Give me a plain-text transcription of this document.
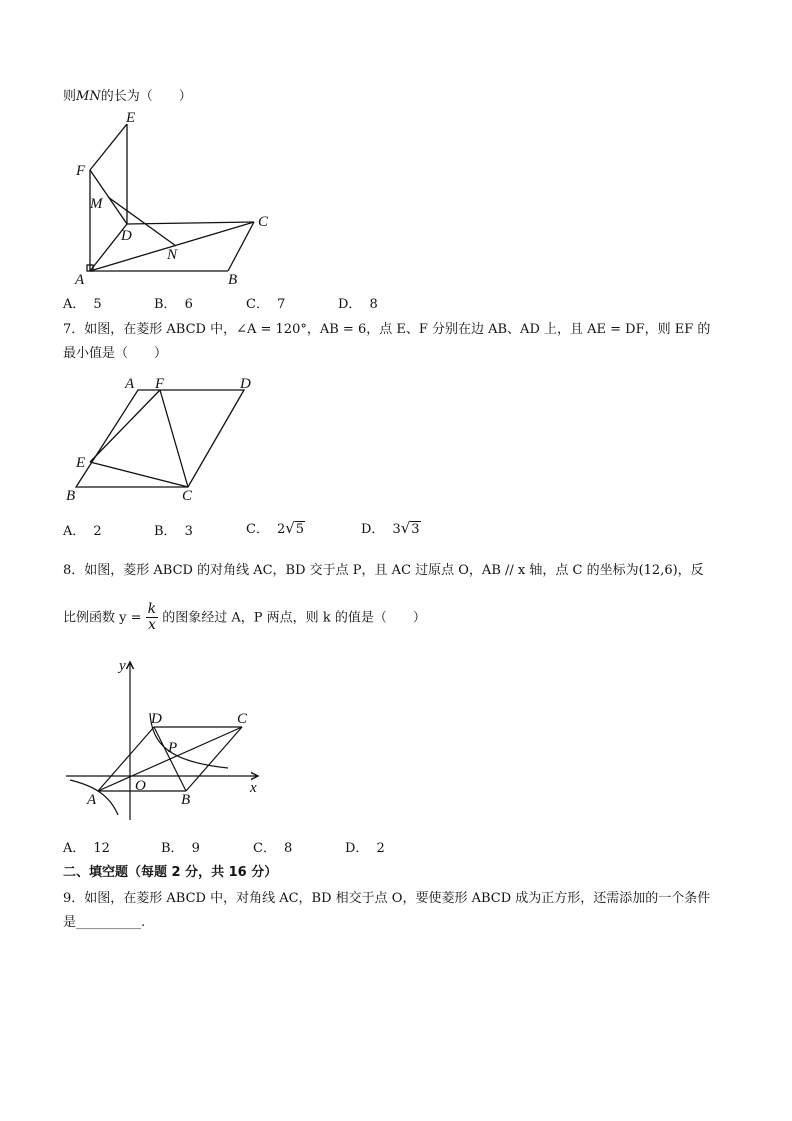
则MN的长为（　　）
E
F
M
D
C
N
A	B
A． 5	B． 6	C． 7	D． 8
7．如图，在菱形 ABCD 中，∠A = 120°，AB = 6，点 E、F 分别在边 AB、AD 上，且 AE = DF，则 EF 的
最小值是（　　）
A F	D
E
B	C
A． 2	B． 3	C． 2√5	D． 3√3
8．如图，菱形 ABCD 的对角线 AC，BD 交于点 P，且 AC 过原点 O，AB // x 轴，点 C 的坐标为(12,6)，反
比例函数 $y = \frac{k}{x}$ 的图象经过 A，P 两点，则 k 的值是（　　）
y
x
D	C
P
O
A	B
A． 12	B． 9	C． 8	D． 2
二、填空题（每题 2 分，共 16 分）
9．如图，在菱形 ABCD 中，对角线 AC，BD 相交于点 O，要使菱形 ABCD 成为正方形，还需添加的一个条件
是__________.
